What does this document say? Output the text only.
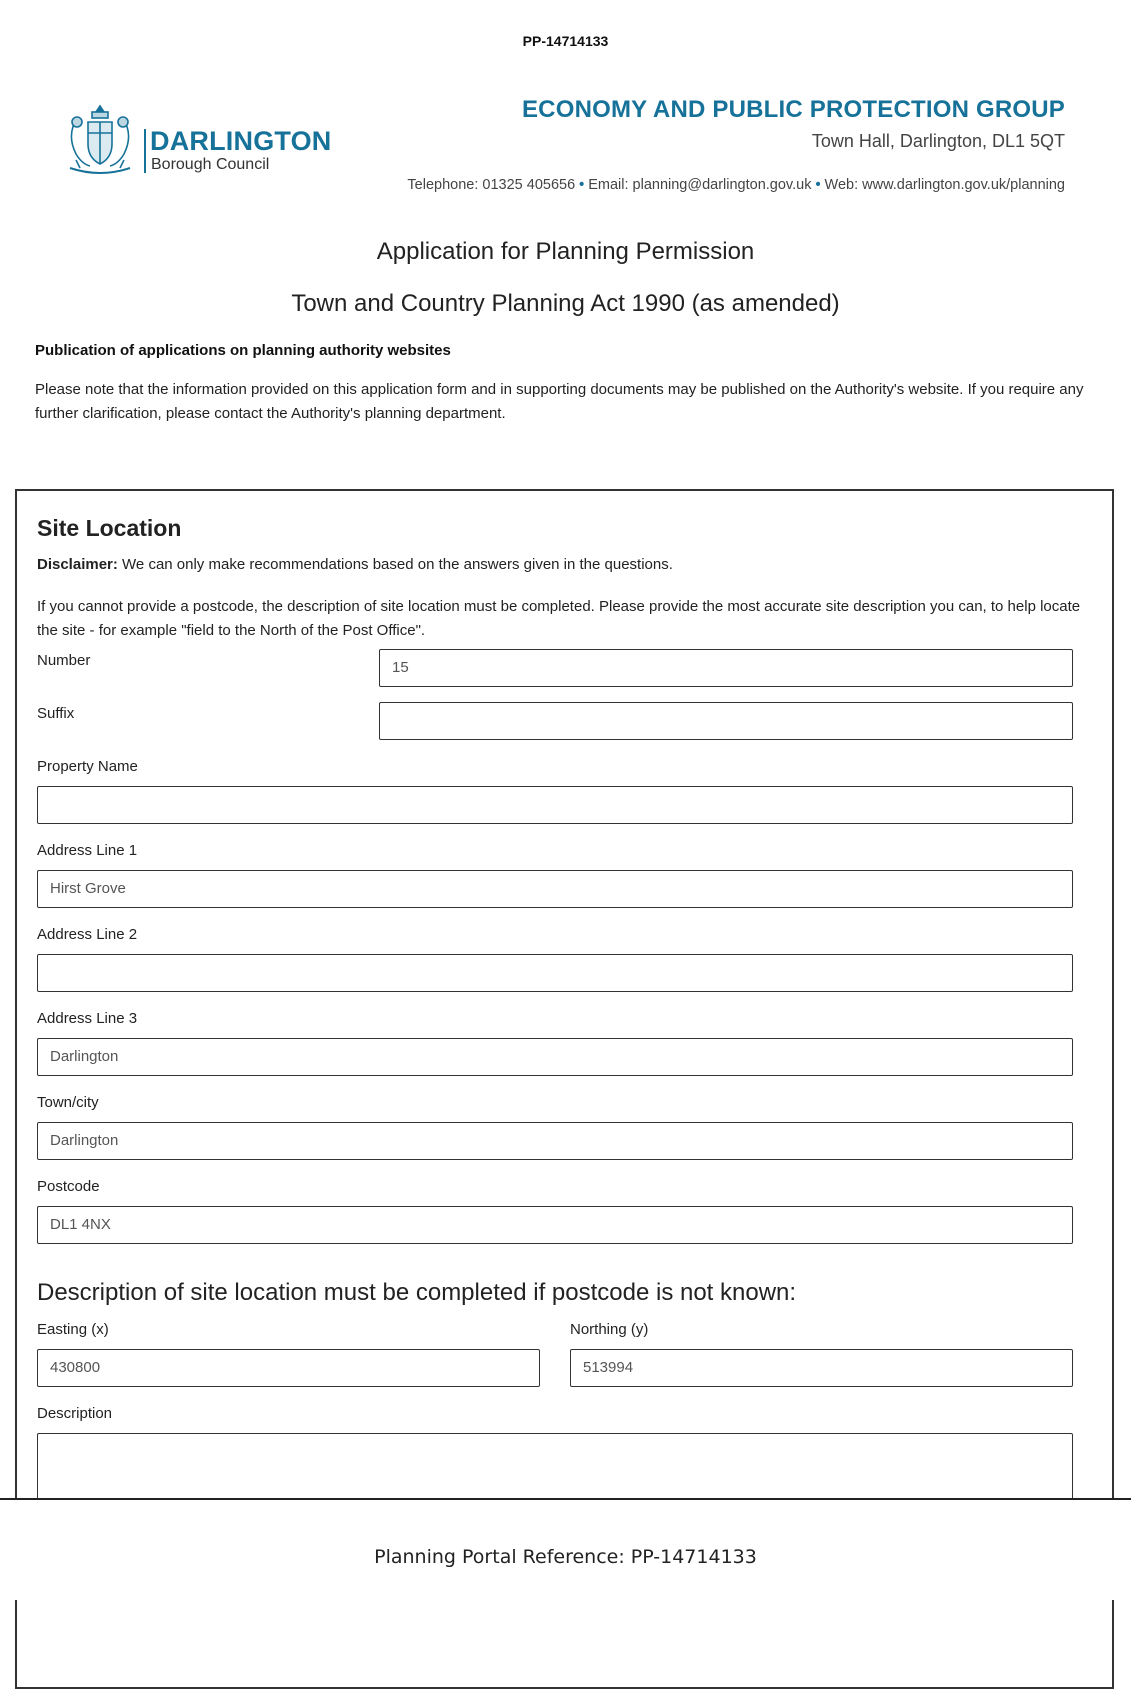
PP-14714133
DARLINGTON
Borough Council
ECONOMY AND PUBLIC PROTECTION GROUP
Town Hall, Darlington, DL1 5QT
Telephone: 01325 405656 • Email: planning@darlington.gov.uk • Web: www.darlington.gov.uk/planning
Application for Planning Permission
Town and Country Planning Act 1990 (as amended)
Publication of applications on planning authority websites
Please note that the information provided on this application form and in supporting documents may be published on the Authority's website. If you require any further clarification, please contact the Authority's planning department.
Site Location
Disclaimer: We can only make recommendations based on the answers given in the questions.
If you cannot provide a postcode, the description of site location must be completed. Please provide the most accurate site description you can, to help locate the site - for example "field to the North of the Post Office".
Number	15
Suffix
Property Name
Address Line 1
Hirst Grove
Address Line 2
Address Line 3
Darlington
Town/city
Darlington
Postcode
DL1 4NX
Description of site location must be completed if postcode is not known:
Easting (x)
430800
Northing (y)
513994
Description
Planning Portal Reference: PP-14714133
